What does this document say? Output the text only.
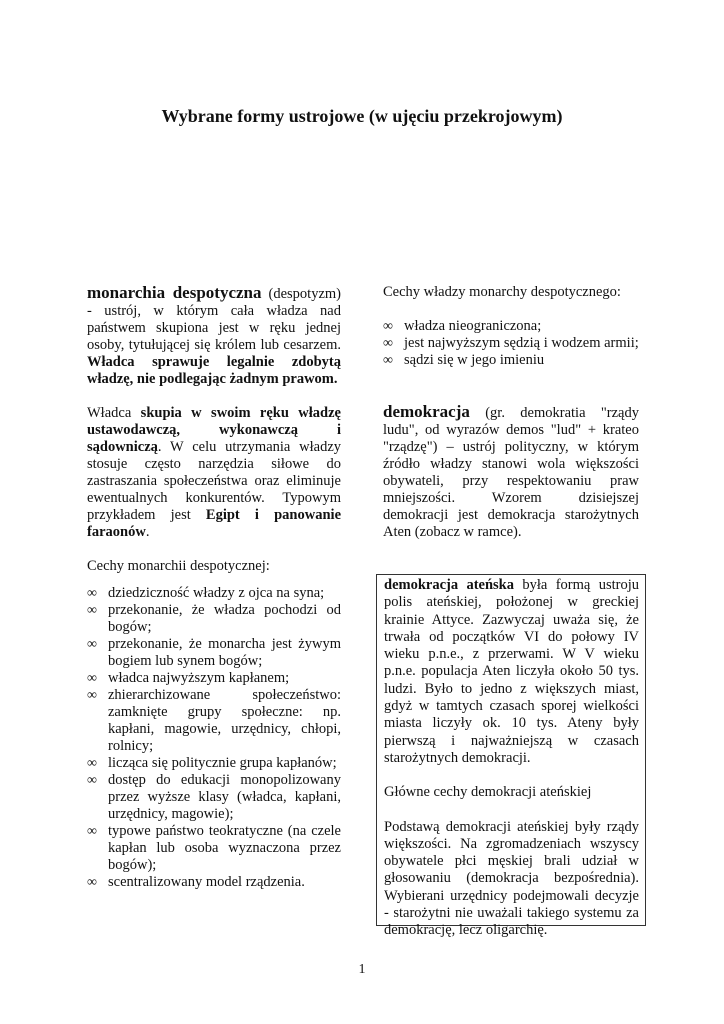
Wybrane formy ustrojowe (w ujęciu przekrojowym)

monarchia despotyczna (despotyzm) - ustrój, w którym cała władza nad państwem skupiona jest w ręku jednej osoby, tytułującej się królem lub cesarzem. Władca sprawuje legalnie zdobytą władzę, nie podlegając żadnym prawom.

Władca skupia w swoim ręku władzę ustawodawczą, wykonawczą i sądowniczą. W celu utrzymania władzy stosuje często narzędzia siłowe do zastraszania społeczeństwa oraz eliminuje ewentualnych konkurentów. Typowym przykładem jest Egipt i panowanie faraonów.

Cechy monarchii despotycznej:

∞ dziedziczność władzy z ojca na syna;
∞ przekonanie, że władza pochodzi od bogów;
∞ przekonanie, że monarcha jest żywym bogiem lub synem bogów;
∞ władca najwyższym kapłanem;
∞ zhierarchizowane społeczeństwo: zamknięte grupy społeczne: np. kapłani, magowie, urzędnicy, chłopi, rolnicy;
∞ licząca się politycznie grupa kapłanów;
∞ dostęp do edukacji monopolizowany przez wyższe klasy (władca, kapłani, urzędnicy, magowie);
∞ typowe państwo teokratyczne (na czele kapłan lub osoba wyznaczona przez bogów);
∞ scentralizowany model rządzenia.

Cechy władzy monarchy despotycznego:

∞ władza nieograniczona;
∞ jest najwyższym sędzią i wodzem armii;
∞ sądzi się w jego imieniu

demokracja (gr. demokratia "rządy ludu", od wyrazów demos "lud" + krateo "rządzę") – ustrój polityczny, w którym źródło władzy stanowi wola większości obywateli, przy respektowaniu praw mniejszości. Wzorem dzisiejszej demokracji jest demokracja starożytnych Aten (zobacz w ramce).

demokracja ateńska była formą ustroju polis ateńskiej, położonej w greckiej krainie Attyce. Zazwyczaj uważa się, że trwała od początków VI do połowy IV wieku p.n.e., z przerwami. W V wieku p.n.e. populacja Aten liczyła około 50 tys. ludzi. Było to jedno z większych miast, gdyż w tamtych czasach sporej wielkości miasta liczyły ok. 10 tys. Ateny były pierwszą i najważniejszą w czasach starożytnych demokracji.

Główne cechy demokracji ateńskiej

Podstawą demokracji ateńskiej były rządy większości. Na zgromadzeniach wszyscy obywatele płci męskiej brali udział w głosowaniu (demokracja bezpośrednia). Wybierani urzędnicy podejmowali decyzje - starożytni nie uważali takiego systemu za demokrację, lecz oligarchię.

1
